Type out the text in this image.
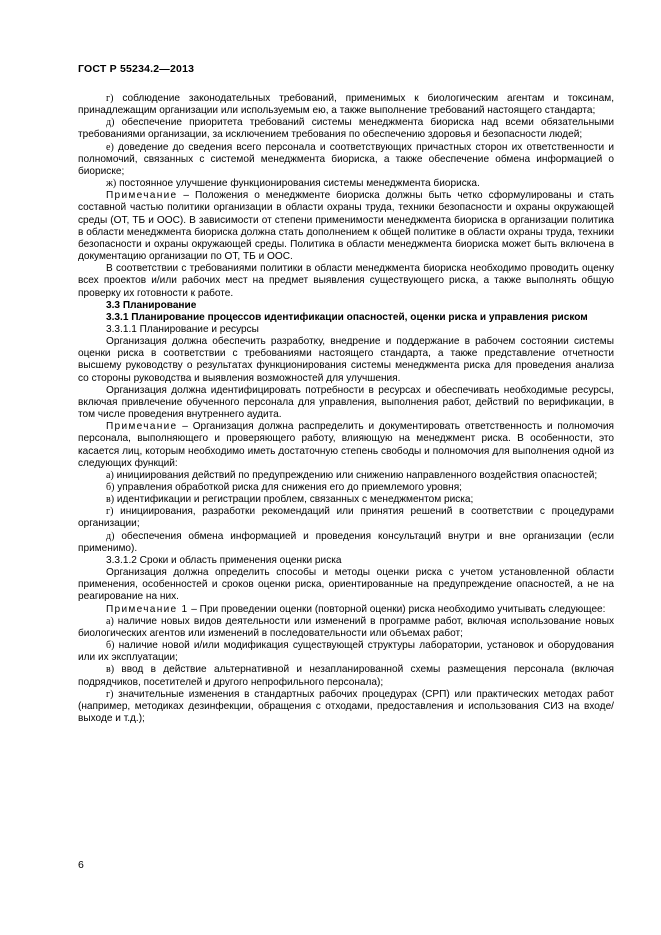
ГОСТ Р 55234.2—2013

г) соблюдение законодательных требований, применимых к биологическим агентам и токсинам, принадлежащим организации или используемым ею, а также выполнение требований настоящего стандарта;

д) обеспечение приоритета требований системы менеджмента биориска над всеми обязательными требованиями организации, за исключением требования по обеспечению здоровья и безопасности людей;

е) доведение до сведения всего персонала и соответствующих причастных сторон их ответственности и полномочий, связанных с системой менеджмента биориска, а также обеспечение обмена информацией о биориске;

ж) постоянное улучшение функционирования системы менеджмента биориска.

Примечание – Положения о менеджменте биориска должны быть четко сформулированы и стать составной частью политики организации в области охраны труда, техники безопасности и охраны окружающей среды (ОТ, ТБ и ООС). В зависимости от степени применимости менеджмента биориска в организации политика в области менеджмента биориска должна стать дополнением к общей политике в области охраны труда, техники безопасности и охраны окружающей среды. Политика в области менеджмента биориска может быть включена в документацию организации по ОТ, ТБ и ООС.

В соответствии с требованиями политики в области менеджмента биориска необходимо проводить оценку всех проектов и/или рабочих мест на предмет выявления существующего риска, а также выполнять общую проверку их готовности к работе.

3.3 Планирование

3.3.1 Планирование процессов идентификации опасностей, оценки риска и управления риском

3.3.1.1 Планирование и ресурсы

Организация должна обеспечить разработку, внедрение и поддержание в рабочем состоянии системы оценки риска в соответствии с требованиями настоящего стандарта, а также представление отчетности высшему руководству о результатах функционирования системы менеджмента риска для проведения анализа со стороны руководства и выявления возможностей для улучшения.

Организация должна идентифицировать потребности в ресурсах и обеспечивать необходимые ресурсы, включая привлечение обученного персонала для управления, выполнения работ, действий по верификации, в том числе проведения внутреннего аудита.

Примечание – Организация должна распределить и документировать ответственность и полномочия персонала, выполняющего и проверяющего работу, влияющую на менеджмент риска. В особенности, это касается лиц, которым необходимо иметь достаточную степень свободы и полномочия для выполнения одной из следующих функций:

а) инициирования действий по предупреждению или снижению направленного воздействия опасностей;

б) управления обработкой риска для снижения его до приемлемого уровня;

в) идентификации и регистрации проблем, связанных с менеджментом риска;

г) инициирования, разработки рекомендаций или принятия решений в соответствии с процедурами организации;

д) обеспечения обмена информацией и проведения консультаций внутри и вне организации (если применимо).

3.3.1.2 Сроки и область применения оценки риска

Организация должна определить способы и методы оценки риска с учетом установленной области применения, особенностей и сроков оценки риска, ориентированные на предупреждение опасностей, а не на реагирование на них.

Примечание 1 – При проведении оценки (повторной оценки) риска необходимо учитывать следующее:

а) наличие новых видов деятельности или изменений в программе работ, включая использование новых биологических агентов или изменений в последовательности или объемах работ;

б) наличие новой и/или модификация существующей структуры лаборатории, установок и оборудования или их эксплуатации;

в) ввод в действие альтернативной и незапланированной схемы размещения персонала (включая подрядчиков, посетителей и другого непрофильного персонала);

г) значительные изменения в стандартных рабочих процедурах (СРП) или практических методах работ (например, методиках дезинфекции, обращения с отходами, предоставления и использования СИЗ на входе/выходе и т.д.);

6
